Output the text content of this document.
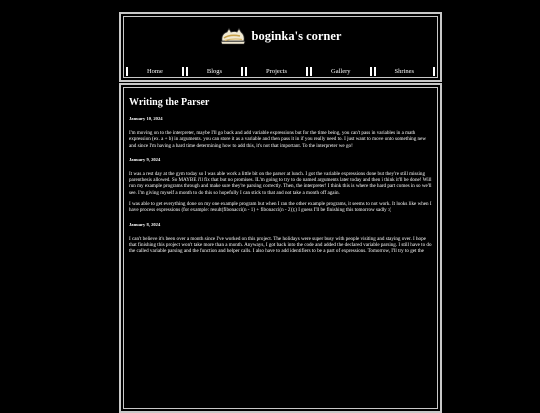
boginka's corner
Home	Blogs	Projects	Gallery	Shrines
Writing the Parser
January 10, 2024

I'm moving on to the interpreter, maybe I'll go back and add variable expressions but for the time being, you can't pass in variables in a math expression (ex. a + b) in arguments. you can store it as a variable and then pass it in if you really need to. I just want to move onto something new and since I'm having a hard time determining how to add this, it's not that important. To the interpreter we go!

January 9, 2024

It was a rest day at the gym today so I was able work a little bit on the parser at lunch. I got the variable expressions done but they're still missing parenthesis allowed. So MAYBE i'll fix that but no promises. IL'm going to try to do named arguments later today and then i think it'll be done! Will run my example programs through and make sure they're parsing correctly. Then, the interpreter! I think this is where the hard part comes in so we'll see. I'm giving myself a month to do this so hopefully I can stick to that and not take a month off again.

I was able to get everything done on my one example program but when I ran the other example programs, it seems to not work. It looks like when I have process expressions (for example: result(fibonacci(n - 1) + fibonacci(n - 2));) I guess I'll be finishing this tomorrow sadly :(

January 8, 2024

I can't believe it's been over a month since I've worked on this project. The holidays were super busy with people visiting and staying over. I hope that finishing this project won't take more than a month. Anyways, I got back into the code and added the declared variable parsing. I still have to do the called variable parsing and the function and helper calls. I also have to add identifiers to be a part of expressions. Tomorrow, I'll try to get the
